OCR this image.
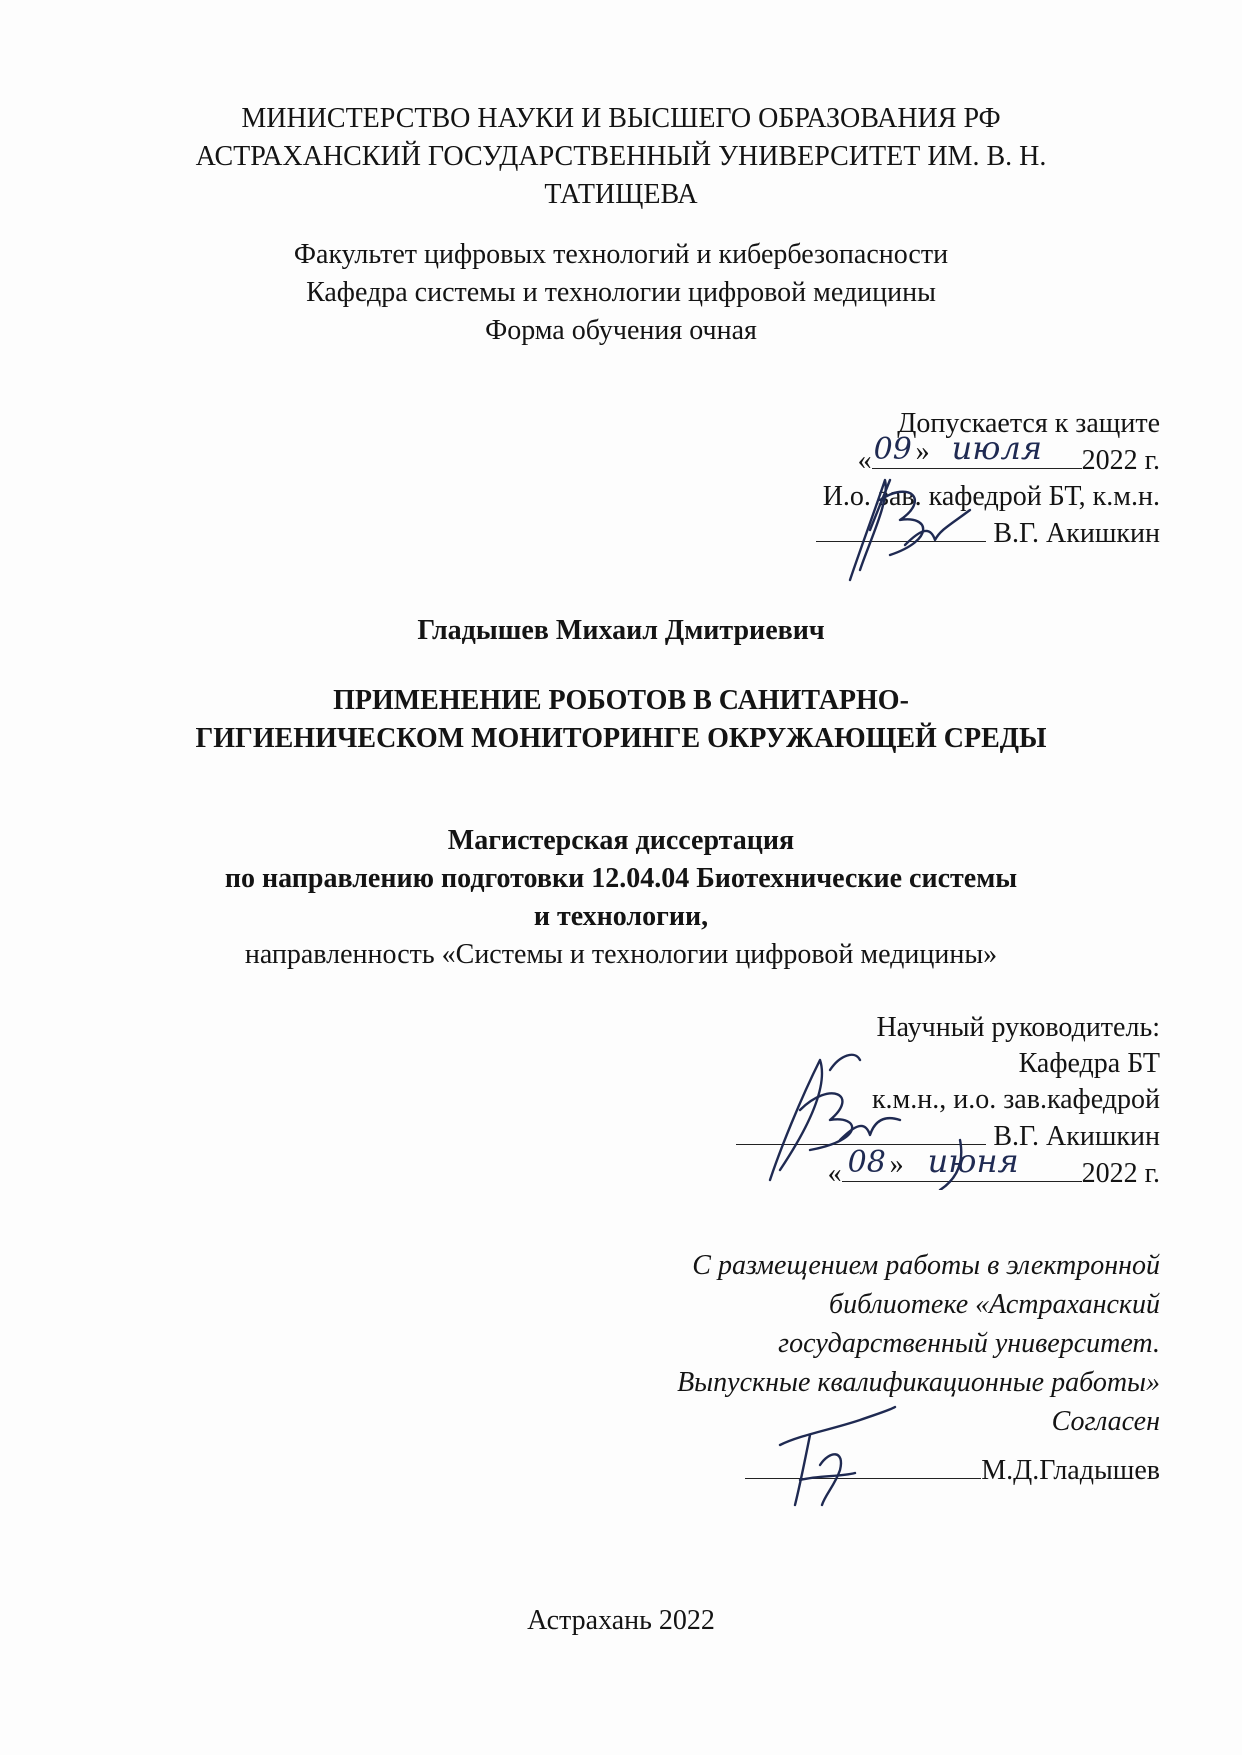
МИНИСТЕРСТВО НАУКИ И ВЫСШЕГО ОБРАЗОВАНИЯ РФ
АСТРАХАНСКИЙ ГОСУДАРСТВЕННЫЙ УНИВЕРСИТЕТ ИМ. В. Н.
ТАТИЩЕВА
Факультет цифровых технологий и кибербезопасности
Кафедра системы и технологии цифровой медицины
Форма обучения очная
Допускается к защите
« 09 » июля 2022 г.
И.о. зав. кафедрой БТ, к.м.н.
В.Г. Акишкин
Гладышев Михаил Дмитриевич
ПРИМЕНЕНИЕ РОБОТОВ В САНИТАРНО-
ГИГИЕНИЧЕСКОМ МОНИТОРИНГЕ ОКРУЖАЮЩЕЙ СРЕДЫ
Магистерская диссертация
по направлению подготовки 12.04.04 Биотехнические системы
и технологии,
направленность «Системы и технологии цифровой медицины»
Научный руководитель:
Кафедра БТ
к.м.н., и.о. зав.кафедрой
В.Г. Акишкин
« 08 » июня 2022 г.
С размещением работы в электронной
библиотеке «Астраханский
государственный университет.
Выпускные квалификационные работы»
Согласен
М.Д.Гладышев
Астрахань 2022
